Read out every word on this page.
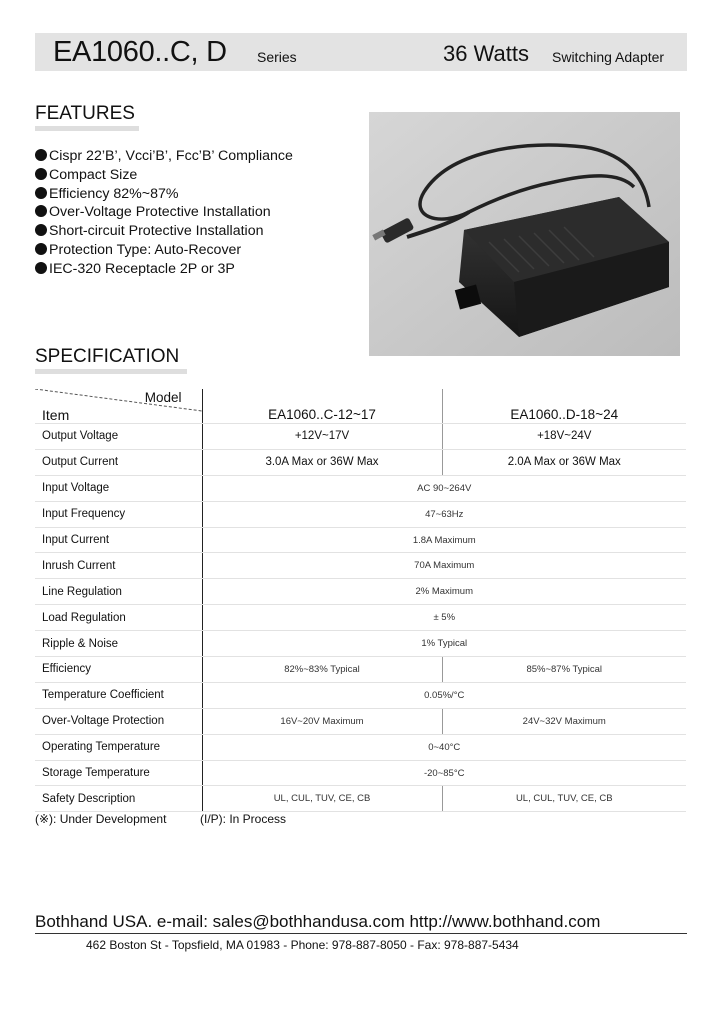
EA1060..C, D Series	36 Watts Switching Adapter
FEATURES
Cispr 22’B’, Vcci’B’, Fcc’B’ Compliance
Compact Size
Efficiency 82%~87%
Over-Voltage Protective Installation
Short-circuit Protective Installation
Protection Type: Auto-Recover
IEC-320 Receptacle 2P or 3P
SPECIFICATION
Model
Item	EA1060..C-12~17	EA1060..D-18~24
Output Voltage	+12V~17V	+18V~24V
Output Current	3.0A Max or 36W Max	2.0A Max or 36W Max
Input Voltage	AC 90~264V	
Input Frequency	47~63Hz	
Input Current	1.8A Maximum	
Inrush Current	70A Maximum	
Line Regulation	2% Maximum	
Load Regulation	± 5%	
Ripple & Noise	1% Typical	
Efficiency	82%~83% Typical	85%~87% Typical
Temperature Coefficient	0.05%/°C	
Over-Voltage Protection	16V~20V Maximum	24V~32V Maximum
Operating Temperature	0~40°C	
Storage Temperature	-20~85°C	
Safety Description	UL, CUL, TUV, CE, CB	UL, CUL, TUV, CE, CB
(※): Under Development	(I/P): In Process
Bothhand USA. e-mail: sales@bothhandusa.com http://www.bothhand.com
462 Boston St - Topsfield, MA 01983 - Phone: 978-887-8050 - Fax: 978-887-5434
